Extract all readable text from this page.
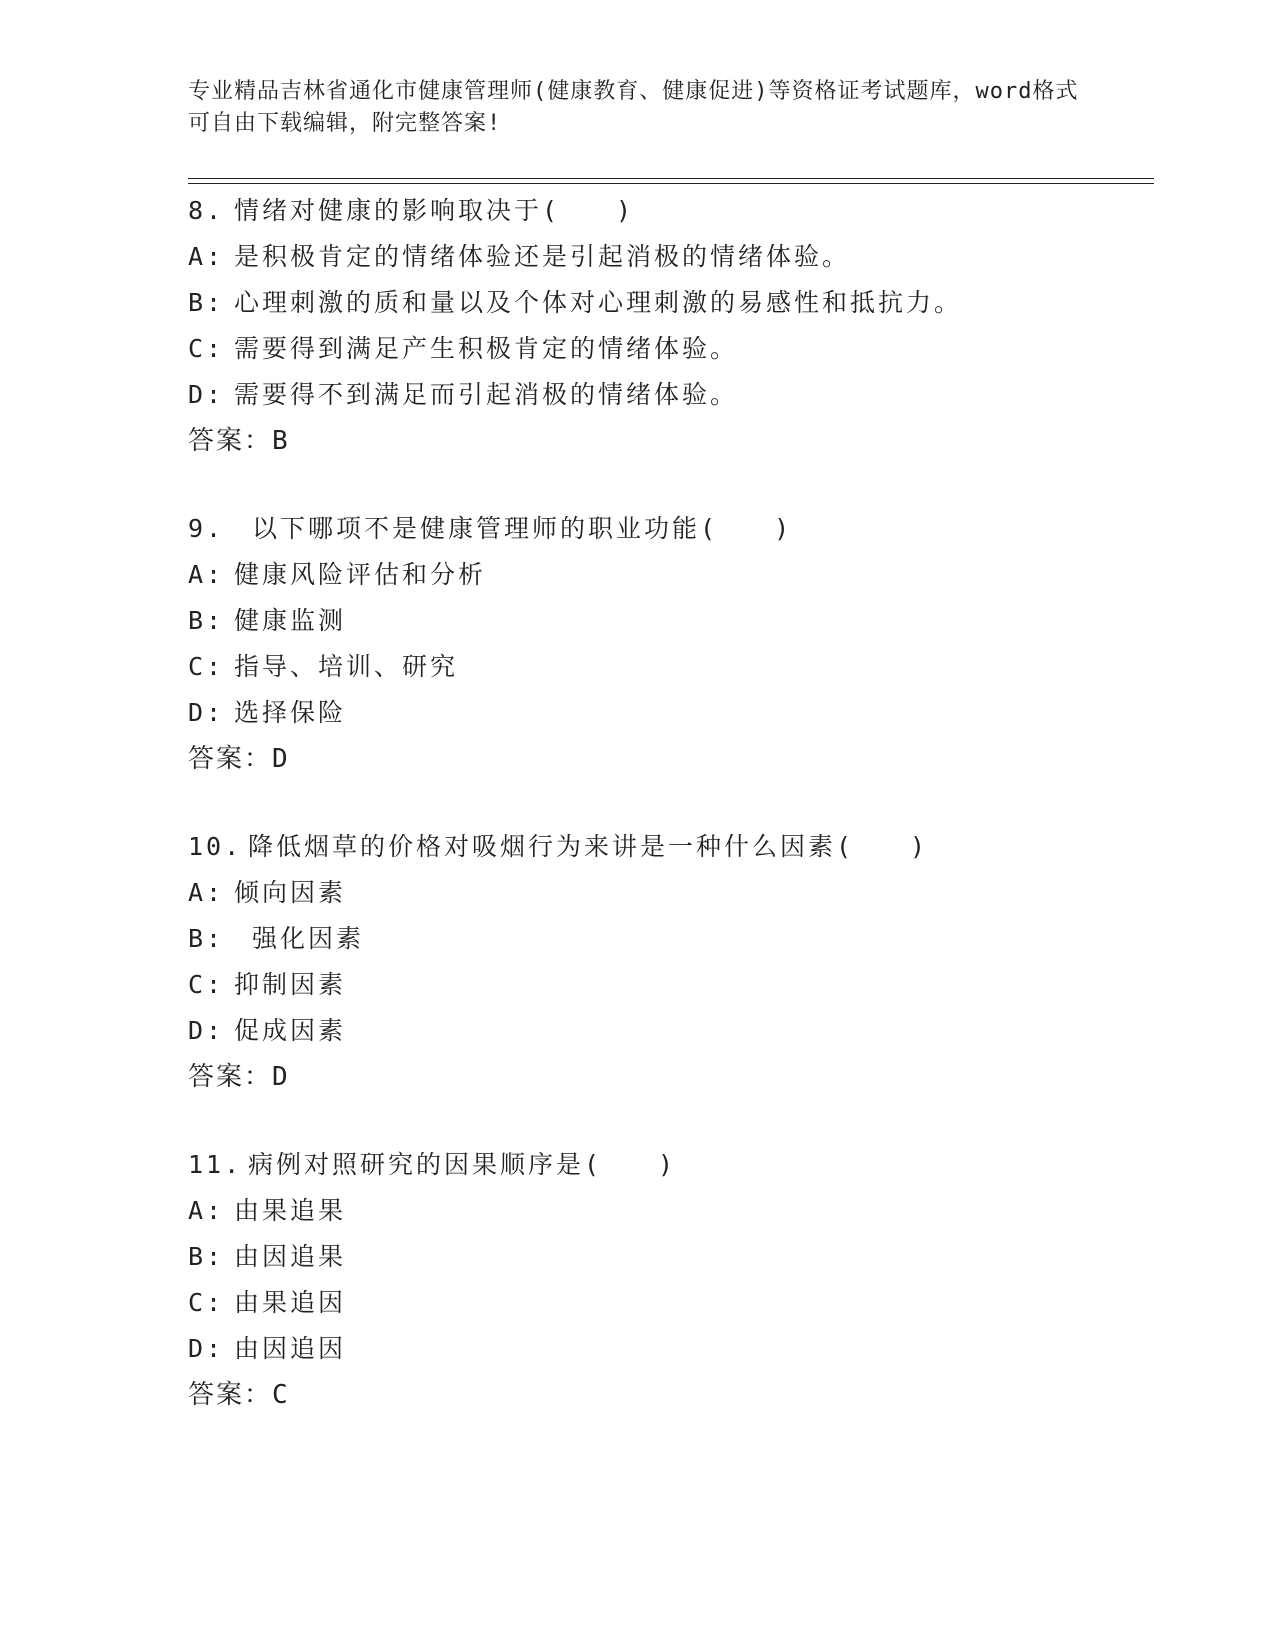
专业精品吉林省通化市健康管理师(健康教育、健康促进)等资格证考试题库，word格式可自由下载编辑，附完整答案!
8. 情绪对健康的影响取决于(　　)
A: 是积极肯定的情绪体验还是引起消极的情绪体验。
B: 心理刺激的质和量以及个体对心理刺激的易感性和抵抗力。
C: 需要得到满足产生积极肯定的情绪体验。
D: 需要得不到满足而引起消极的情绪体验。
答案：B
9. 以下哪项不是健康管理师的职业功能(　　)
A: 健康风险评估和分析
B: 健康监测
C: 指导、培训、研究
D: 选择保险
答案：D
10. 降低烟草的价格对吸烟行为来讲是一种什么因素(　　)
A: 倾向因素
B: 强化因素
C: 抑制因素
D: 促成因素
答案：D
11. 病例对照研究的因果顺序是(　　)
A: 由果追果
B: 由因追果
C: 由果追因
D: 由因追因
答案：C
